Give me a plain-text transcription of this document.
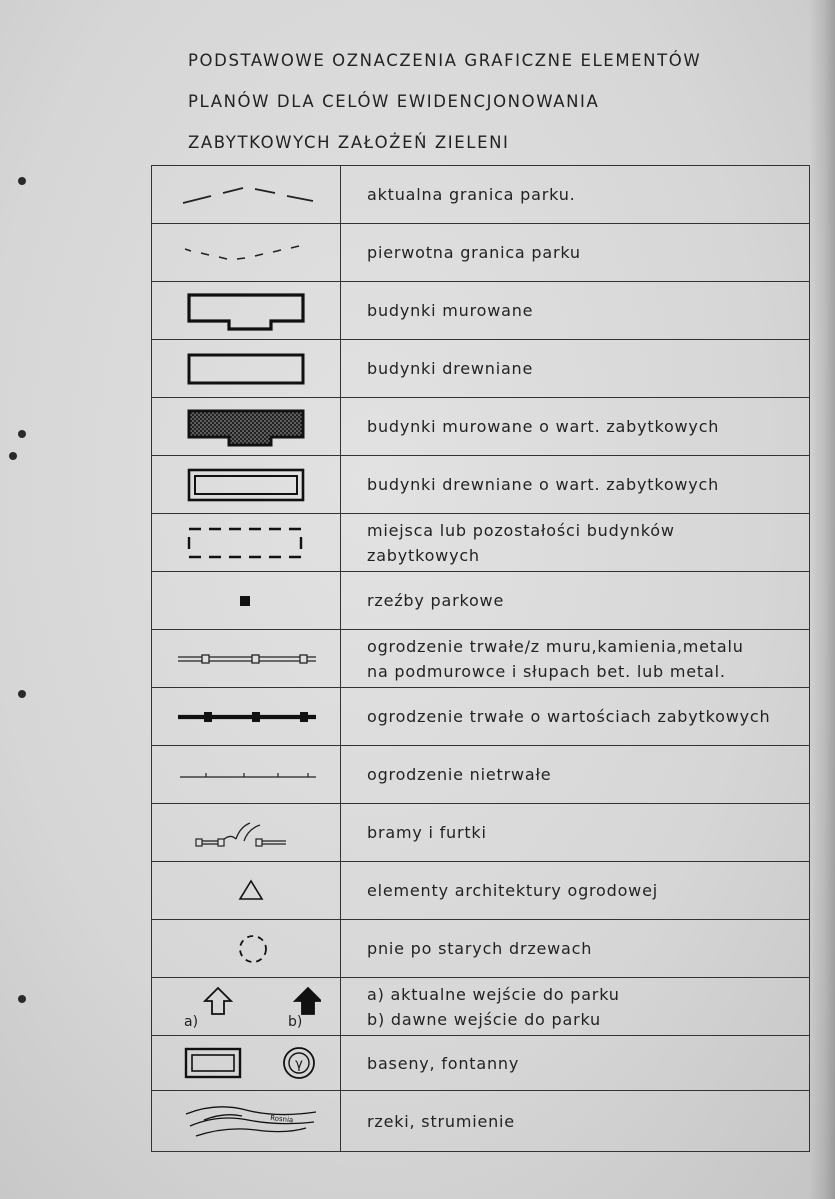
PODSTAWOWE OZNACZENIA GRAFICZNE ELEMENTÓW
PLANÓW DLA CELÓW EWIDENCJONOWANIA
ZABYTKOWYCH ZAŁOŻEŃ ZIELENI

aktualna granica parku.

pierwotna granica parku

budynki murowane

budynki drewniane

budynki murowane o wart. zabytkowych

budynki drewniane o wart. zabytkowych

miejsca lub pozostałości budynków
zabytkowych

rzeźby parkowe

ogrodzenie trwałe/z muru,kamienia,metalu
na podmurowce i słupach bet. lub metal.

ogrodzenie trwałe o wartościach zabytkowych

ogrodzenie nietrwałe

bramy i furtki

elementy architektury ogrodowej

pnie po starych drzewach

a) b)	a) aktualne wejście do parku
b) dawne wejście do parku

γ	baseny, fontanny

Rosnia	rzeki, strumienie
